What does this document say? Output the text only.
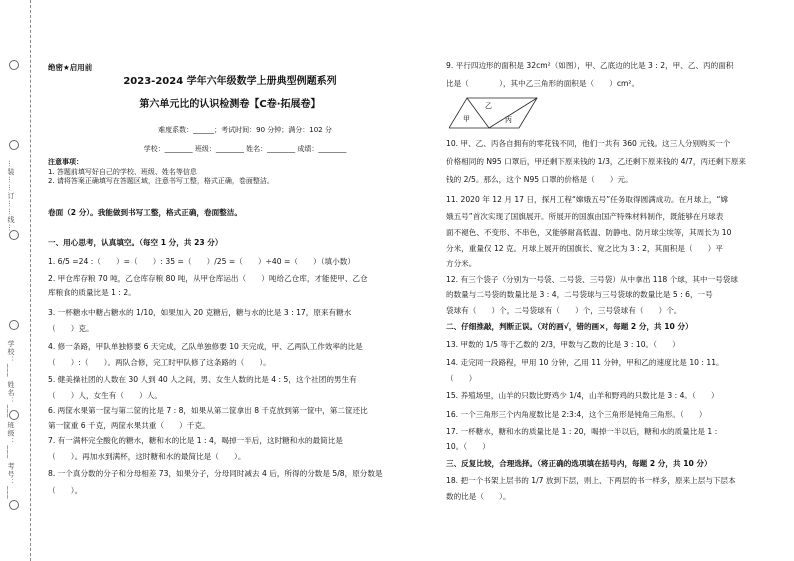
…装……订……线…
学校：___ 姓名：___ 班级：___ 考号：___
绝密★启用前
2023-2024 学年六年级数学上册典型例题系列
第六单元比的认识检测卷【C卷·拓展卷】
难度系数：______；考试时间：90 分钟；满分：102 分
学校：________ 班级：________ 姓名：________ 成绩：________
注意事项：
1. 答题前填写好自己的学校、班级、姓名等信息
2. 请将答案正确填写在答题区域，注意书写工整，格式正确，卷面整洁。
卷面（2 分）。我能做到书写工整，格式正确，卷面整洁。
一、用心思考，认真填空。（每空 1 分，共 23 分）
1. 6/5 =24 :（　　）=（　　）: 35 =（　　）/25 =（　　）÷40 =（　　）（填小数）
2. 甲仓库存粮 70 吨，乙仓库存粮 80 吨，从甲仓库运出（　　）吨给乙仓库，才能使甲、乙仓
库粮食的质量比是 1 : 2。
3. 一杯糖水中糖占糖水的 1/10，如果加入 20 克糖后，糖与水的比是 3 : 17，原来有糖水
（　　）克。
4. 修一条路，甲队单独修要 6 天完成，乙队单独修要 10 天完成，甲、乙两队工作效率的比是
（　　）:（　　）。两队合修，完工时甲队修了这条路的（　　）。
5. 健美操社团的人数在 30 人到 40 人之间，男、女生人数的比是 4 : 5，这个社团的男生有
（　　）人，女生有（　　）人。
6. 两筐水果第一筐与第二筐的比是 7 : 8，如果从第二筐拿出 8 千克放到第一筐中，第二筐还比
第一筐重 6 千克，两筐水果共重（　　）千克。
7. 有一满杯完全酸化的糖水，糖和水的比是 1 : 4，喝掉一半后，这时糖和水的最简比是
（　　）。再加水到满杯，这时糖和水的最简比是（　　）。
8. 一个真分数的分子和分母相差 73，如果分子，分母同时减去 4 后，所得的分数是 5/8，原分数是
（　　）。
9. 平行四边形的面积是 32cm²（如图），甲、乙底边的比是 3 : 2，甲、乙、丙的面积
比是（　　　　），其中乙三角形的面积是（　　）cm²。
甲
乙
丙
10. 甲、乙、丙各自拥有的零花钱不同，他们一共有 360 元钱。这三人分别购买一个
价格相同的 N95 口罩后，甲还剩下原来钱的 1/3，乙还剩下原来钱的 4/7，丙还剩下原来
钱的 2/5。那么，这个 N95 口罩的价格是（　　）元。
11. 2020 年 12 月 17 日，探月工程“嫦娥五号”任务取得圆满成功。在月球上，“嫦
娥五号”首次实现了国旗展开。所展开的国旗由国产特殊材料制作，既能够在月球表
面不褪色、不变形、不串色，又能够耐高低温、防静电、防月球尘埃等，其周长为 10
分米，重量仅 12 克。月球上展开的国旗长、宽之比为 3 : 2，其面积是（　　）平
方分米。
12. 有三个袋子（分别为一号袋、二号袋、三号袋）从中拿出 118 个球，其中一号袋球
的数量与二号袋的数量比是 3 : 4，二号袋球与三号袋球的数量比是 5 : 6，一号
袋球有（　　）个，二号袋球有（　　）个，三号袋球有（　　）个。
二、仔细推敲，判断正误。（对的画√，错的画×，每题 2 分，共 10 分）
13. 甲数的 1/5 等于乙数的 2/3，甲数与乙数的比是 3 : 10。（　　）
14. 走完同一段路程，甲用 10 分钟，乙用 11 分钟，甲和乙的速度比是 10 : 11。
（　　）
15. 养殖场里，山羊的只数比野鸡少 1/4，山羊和野鸡的只数比是 3 : 4。（　　）
16. 一个三角形三个内角度数比是 2:3:4，这个三角形是钝角三角形。（　　）
17. 一杯糖水，糖和水的质量比是 1 : 20，喝掉一半以后，糖和水的质量比是 1 :
10。（　　）
三、反复比较，合理选择。（将正确的选项填在括号内，每题 2 分，共 10 分）
18. 把一个书架上层书的 1/7 放到下层，则上、下两层的书一样多，原来上层与下层本
数的比是（　　）。
